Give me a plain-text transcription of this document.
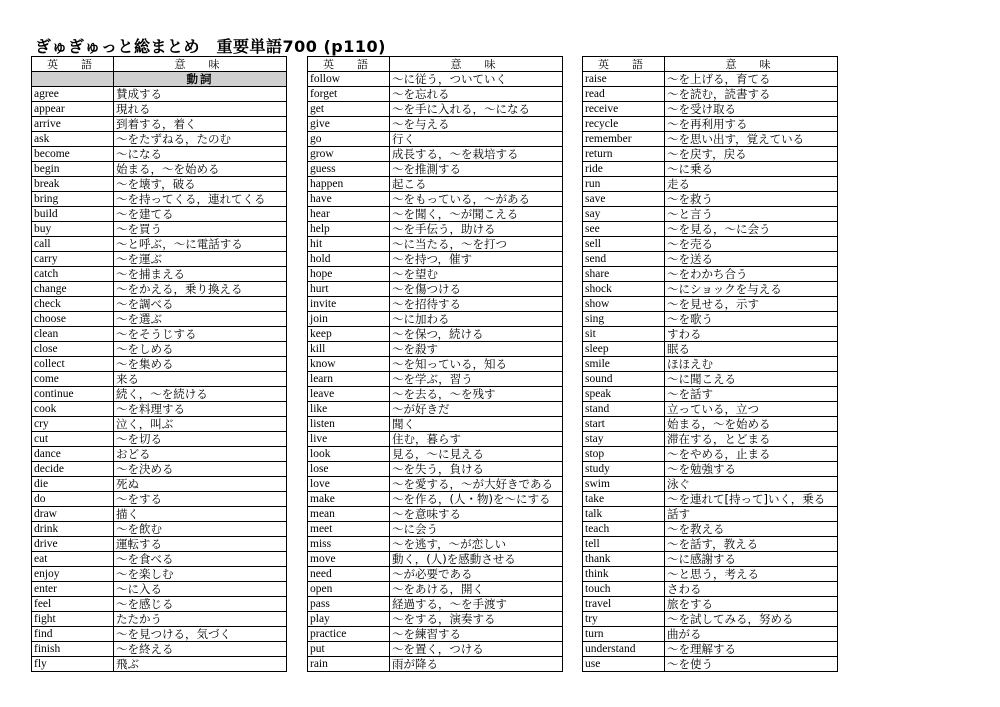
ぎゅぎゅっと総まとめ　重要単語700 (p110)
英　語	意　味
	動詞
agree	賛成する
appear	現れる
arrive	到着する，着く
ask	～をたずねる，たのむ
become	～になる
begin	始まる，～を始める
break	～を壊す，破る
bring	～を持ってくる，連れてくる
build	～を建てる
buy	～を買う
call	～と呼ぶ，～に電話する
carry	～を運ぶ
catch	～を捕まえる
change	～をかえる，乗り換える
check	～を調べる
choose	～を選ぶ
clean	～をそうじする
close	～をしめる
collect	～を集める
come	来る
continue	続く，～を続ける
cook	～を料理する
cry	泣く，叫ぶ
cut	～を切る
dance	おどる
decide	～を決める
die	死ぬ
do	～をする
draw	描く
drink	～を飲む
drive	運転する
eat	～を食べる
enjoy	～を楽しむ
enter	～に入る
feel	～を感じる
fight	たたかう
find	～を見つける，気づく
finish	～を終える
fly	飛ぶ
英　語	意　味
follow	～に従う，ついていく
forget	～を忘れる
get	～を手に入れる，～になる
give	～を与える
go	行く
grow	成長する，～を栽培する
guess	～を推測する
happen	起こる
have	～をもっている，～がある
hear	～を聞く，～が聞こえる
help	～を手伝う，助ける
hit	～に当たる，～を打つ
hold	～を持つ，催す
hope	～を望む
hurt	～を傷つける
invite	～を招待する
join	～に加わる
keep	～を保つ，続ける
kill	～を殺す
know	～を知っている，知る
learn	～を学ぶ，習う
leave	～を去る，～を残す
like	～が好きだ
listen	聞く
live	住む，暮らす
look	見る，～に見える
lose	～を失う，負ける
love	～を愛する，～が大好きである
make	～を作る，(人・物)を～にする
mean	～を意味する
meet	～に会う
miss	～を逃す，～が恋しい
move	動く，(人)を感動させる
need	～が必要である
open	～をあける，開く
pass	経過する，～を手渡す
play	～をする，演奏する
practice	～を練習する
put	～を置く，つける
rain	雨が降る
英　語	意　味
raise	～を上げる，育てる
read	～を読む，読書する
receive	～を受け取る
recycle	～を再利用する
remember	～を思い出す，覚えている
return	～を戻す，戻る
ride	～に乗る
run	走る
save	～を救う
say	～と言う
see	～を見る，～に会う
sell	～を売る
send	～を送る
share	～をわかち合う
shock	～にショックを与える
show	～を見せる，示す
sing	～を歌う
sit	すわる
sleep	眠る
smile	ほほえむ
sound	～に聞こえる
speak	～を話す
stand	立っている，立つ
start	始まる，～を始める
stay	滞在する，とどまる
stop	～をやめる，止まる
study	～を勉強する
swim	泳ぐ
take	～を連れて[持って]いく，乗る
talk	話す
teach	～を教える
tell	～を話す，教える
thank	～に感謝する
think	～と思う，考える
touch	さわる
travel	旅をする
try	～を試してみる，努める
turn	曲がる
understand	～を理解する
use	～を使う
